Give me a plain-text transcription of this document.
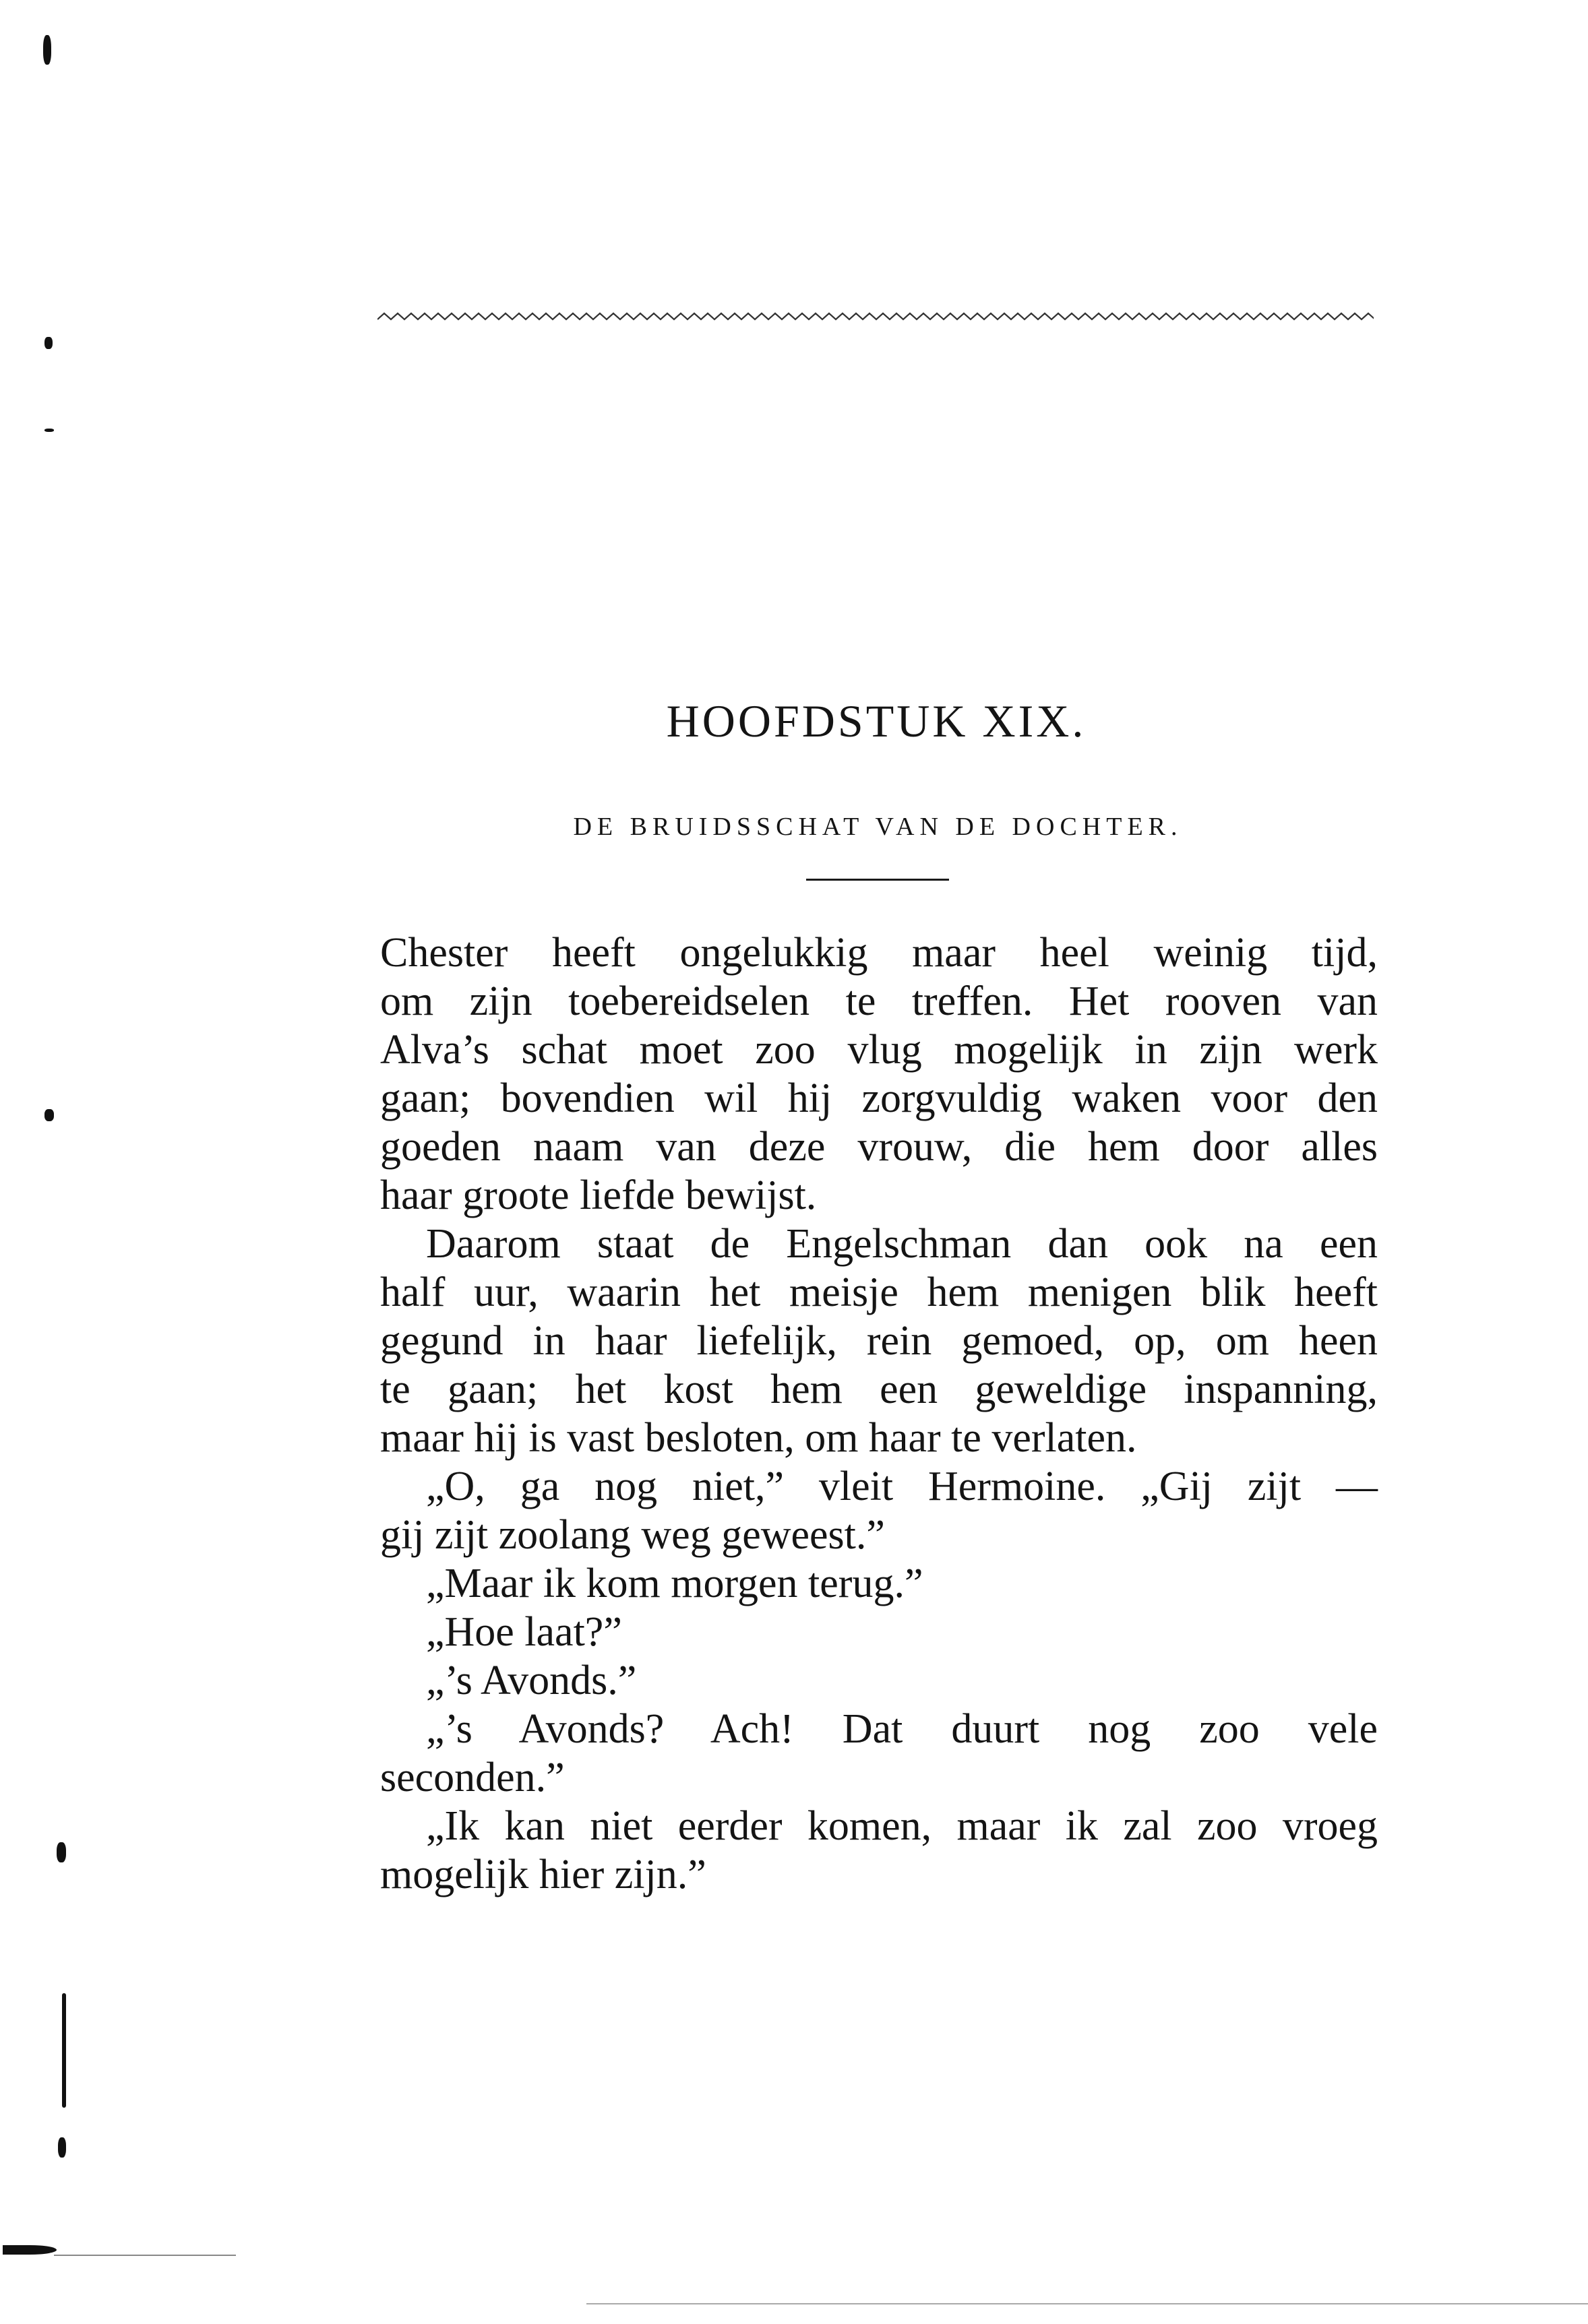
HOOFDSTUK XIX.
DE BRUIDSSCHAT VAN DE DOCHTER.
Chester heeft ongelukkig maar heel weinig tijd,
om zijn toebereidselen te treffen. Het rooven van
Alva’s schat moet zoo vlug mogelijk in zijn werk
gaan; bovendien wil hij zorgvuldig waken voor den
goeden naam van deze vrouw, die hem door alles
haar groote liefde bewijst.
Daarom staat de Engelschman dan ook na een
half uur, waarin het meisje hem menigen blik heeft
gegund in haar liefelijk, rein gemoed, op, om heen
te gaan; het kost hem een geweldige inspanning,
maar hij is vast besloten, om haar te verlaten.
„O, ga nog niet,” vleit Hermoine. „Gij zijt —
gij zijt zoolang weg geweest.”
„Maar ik kom morgen terug.”
„Hoe laat?”
„’s Avonds.”
„’s Avonds? Ach! Dat duurt nog zoo vele
seconden.”
„Ik kan niet eerder komen, maar ik zal zoo vroeg
mogelijk hier zijn.”
